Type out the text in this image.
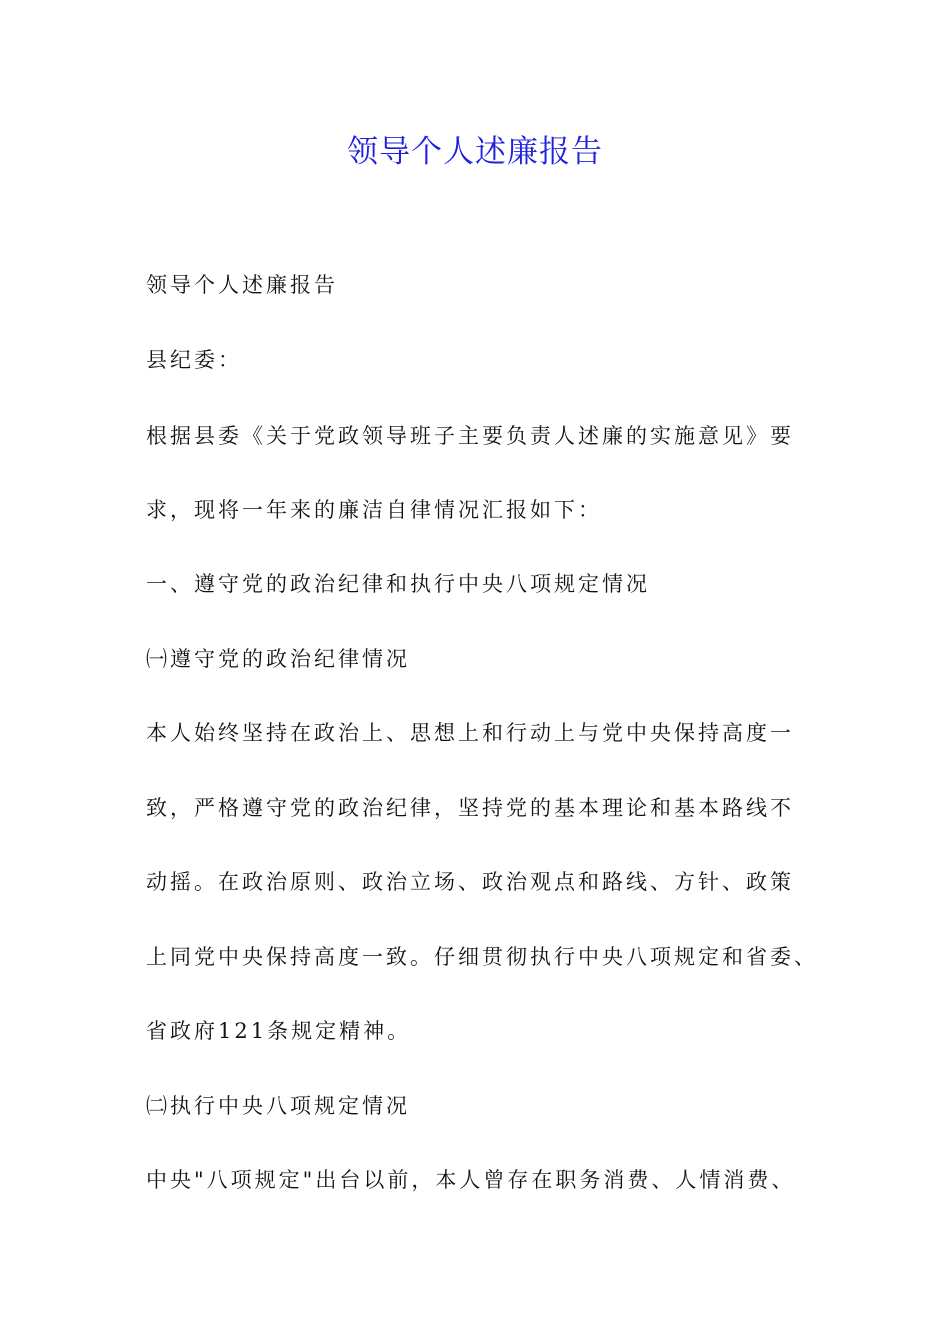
领导个人述廉报告
领导个人述廉报告
县纪委：
根据县委《关于党政领导班子主要负责人述廉的实施意见》要
求，现将一年来的廉洁自律情况汇报如下：
一、遵守党的政治纪律和执行中央八项规定情况
㈠遵守党的政治纪律情况
本人始终坚持在政治上、思想上和行动上与党中央保持高度一
致，严格遵守党的政治纪律，坚持党的基本理论和基本路线不
动摇。在政治原则、政治立场、政治观点和路线、方针、政策
上同党中央保持高度一致。仔细贯彻执行中央八项规定和省委、
省政府121条规定精神。
㈡执行中央八项规定情况
中央"八项规定"出台以前，本人曾存在职务消费、人情消费、
